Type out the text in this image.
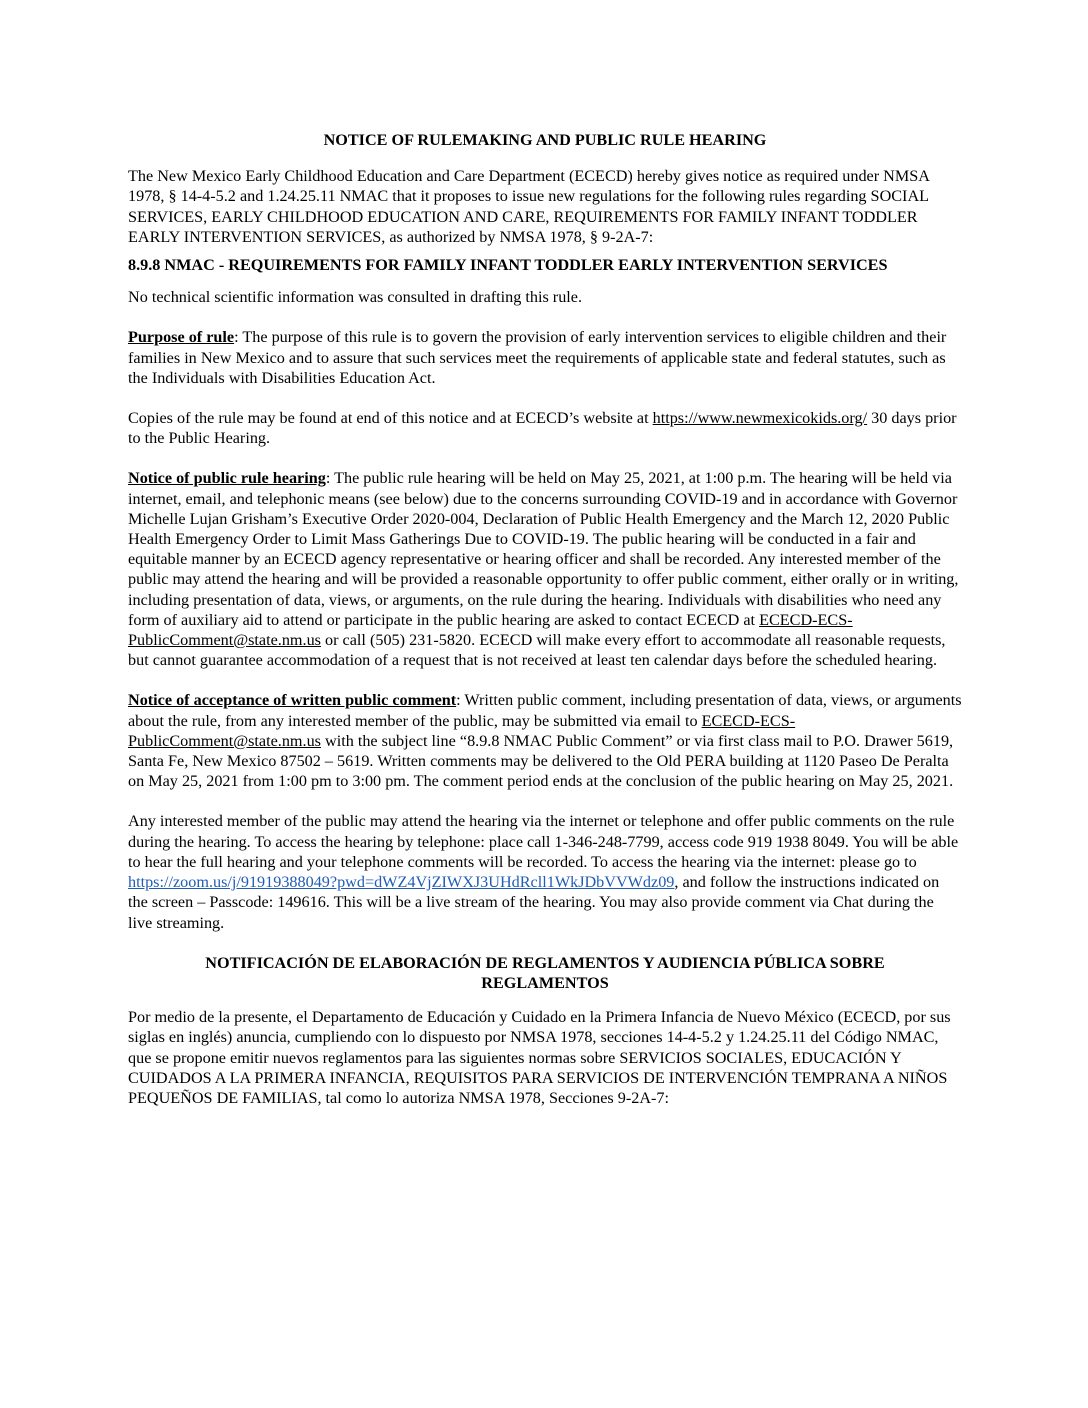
NOTICE OF RULEMAKING AND PUBLIC RULE HEARING

The New Mexico Early Childhood Education and Care Department (ECECD) hereby gives notice as required under NMSA 1978, § 14-4-5.2 and 1.24.25.11 NMAC that it proposes to issue new regulations for the following rules regarding SOCIAL SERVICES, EARLY CHILDHOOD EDUCATION AND CARE, REQUIREMENTS FOR FAMILY INFANT TODDLER EARLY INTERVENTION SERVICES, as authorized by NMSA 1978, § 9-2A-7:

8.9.8 NMAC - REQUIREMENTS FOR FAMILY INFANT TODDLER EARLY INTERVENTION SERVICES

No technical scientific information was consulted in drafting this rule.

Purpose of rule: The purpose of this rule is to govern the provision of early intervention services to eligible children and their families in New Mexico and to assure that such services meet the requirements of applicable state and federal statutes, such as the Individuals with Disabilities Education Act.

Copies of the rule may be found at end of this notice and at ECECD’s website at https://www.newmexicokids.org/ 30 days prior to the Public Hearing.

Notice of public rule hearing: The public rule hearing will be held on May 25, 2021, at 1:00 p.m. The hearing will be held via internet, email, and telephonic means (see below) due to the concerns surrounding COVID-19 and in accordance with Governor Michelle Lujan Grisham’s Executive Order 2020-004, Declaration of Public Health Emergency and the March 12, 2020 Public Health Emergency Order to Limit Mass Gatherings Due to COVID-19. The public hearing will be conducted in a fair and equitable manner by an ECECD agency representative or hearing officer and shall be recorded. Any interested member of the public may attend the hearing and will be provided a reasonable opportunity to offer public comment, either orally or in writing, including presentation of data, views, or arguments, on the rule during the hearing. Individuals with disabilities who need any form of auxiliary aid to attend or participate in the public hearing are asked to contact ECECD at ECECD-ECS-PublicComment@state.nm.us or call (505) 231-5820. ECECD will make every effort to accommodate all reasonable requests, but cannot guarantee accommodation of a request that is not received at least ten calendar days before the scheduled hearing.

Notice of acceptance of written public comment: Written public comment, including presentation of data, views, or arguments about the rule, from any interested member of the public, may be submitted via email to ECECD-ECS-PublicComment@state.nm.us with the subject line “8.9.8 NMAC Public Comment” or via first class mail to P.O. Drawer 5619, Santa Fe, New Mexico 87502 – 5619. Written comments may be delivered to the Old PERA building at 1120 Paseo De Peralta on May 25, 2021 from 1:00 pm to 3:00 pm. The comment period ends at the conclusion of the public hearing on May 25, 2021.

Any interested member of the public may attend the hearing via the internet or telephone and offer public comments on the rule during the hearing. To access the hearing by telephone: place call 1-346-248-7799, access code 919 1938 8049. You will be able to hear the full hearing and your telephone comments will be recorded. To access the hearing via the internet: please go to https://zoom.us/j/91919388049?pwd=dWZ4VjZIWXJ3UHdRcll1WkJDbVVWdz09, and follow the instructions indicated on the screen – Passcode: 149616. This will be a live stream of the hearing. You may also provide comment via Chat during the live streaming.

NOTIFICACIÓN DE ELABORACIÓN DE REGLAMENTOS Y AUDIENCIA PÚBLICA SOBRE
REGLAMENTOS

Por medio de la presente, el Departamento de Educación y Cuidado en la Primera Infancia de Nuevo México (ECECD, por sus siglas en inglés) anuncia, cumpliendo con lo dispuesto por NMSA 1978, secciones 14-4-5.2 y 1.24.25.11 del Código NMAC, que se propone emitir nuevos reglamentos para las siguientes normas sobre SERVICIOS SOCIALES, EDUCACIÓN Y CUIDADOS A LA PRIMERA INFANCIA, REQUISITOS PARA SERVICIOS DE INTERVENCIÓN TEMPRANA A NIÑOS PEQUEÑOS DE FAMILIAS, tal como lo autoriza NMSA 1978, Secciones 9-2A-7:
